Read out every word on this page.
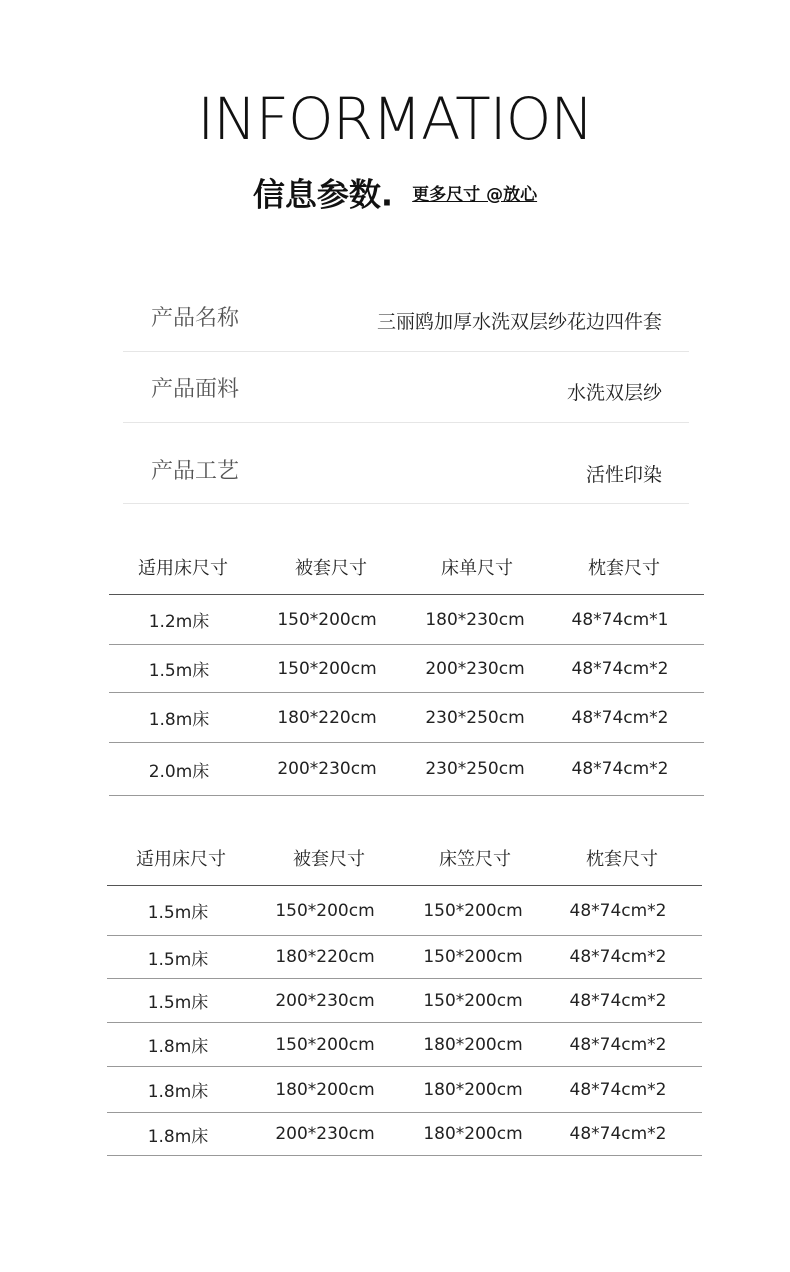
INFORMATION
信息参数. 更多尺寸 @放心
产品名称	三丽鸥加厚水洗双层纱花边四件套
产品面料	水洗双层纱
产品工艺	活性印染
适用床尺寸	被套尺寸	床单尺寸	枕套尺寸
1.2m床	150*200cm	180*230cm	48*74cm*1
1.5m床	150*200cm	200*230cm	48*74cm*2
1.8m床	180*220cm	230*250cm	48*74cm*2
2.0m床	200*230cm	230*250cm	48*74cm*2
适用床尺寸	被套尺寸	床笠尺寸	枕套尺寸
1.5m床	150*200cm	150*200cm	48*74cm*2
1.5m床	180*220cm	150*200cm	48*74cm*2
1.5m床	200*230cm	150*200cm	48*74cm*2
1.8m床	150*200cm	180*200cm	48*74cm*2
1.8m床	180*200cm	180*200cm	48*74cm*2
1.8m床	200*230cm	180*200cm	48*74cm*2
